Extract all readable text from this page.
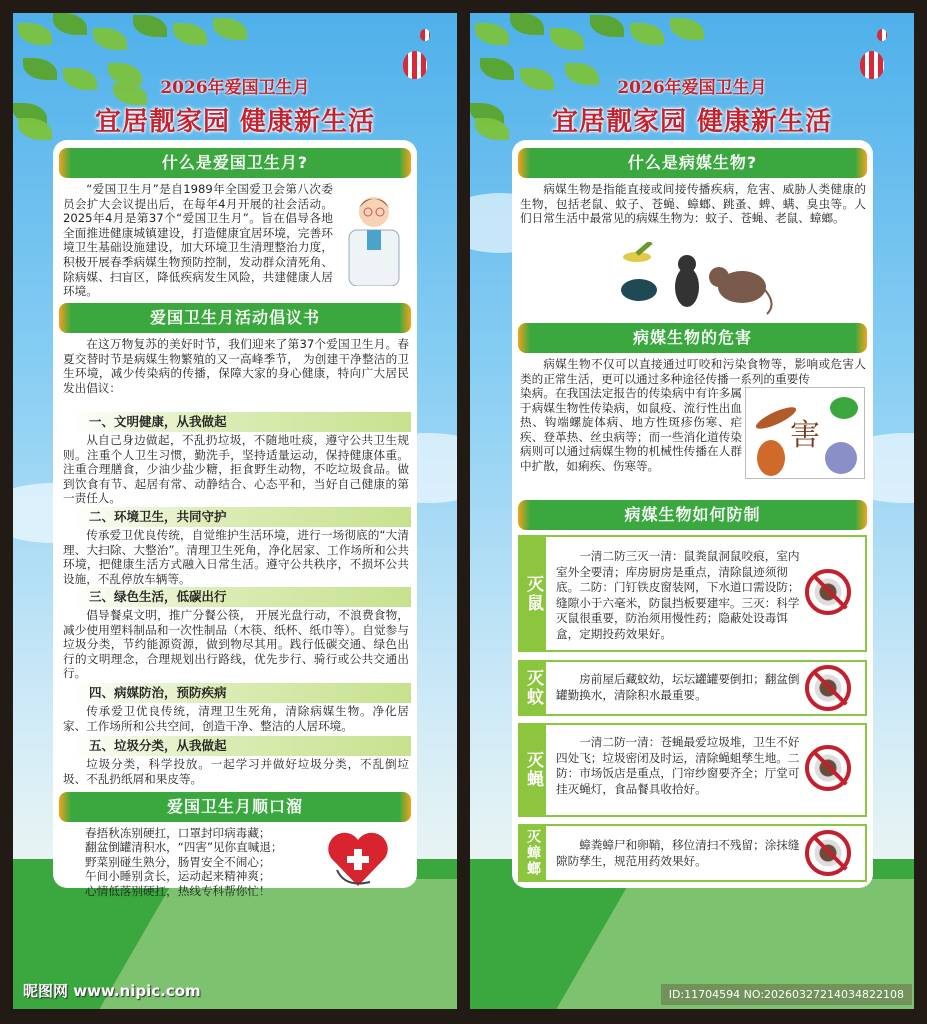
2026年爱国卫生月
宜居靓家园 健康新生活
什么是爱国卫生月?
“爱国卫生月”是自1989年全国爱卫会第八次委员会扩大会议提出后，在每年4月开展的社会活动。2025年4月是第37个“爱国卫生月”。旨在倡导各地全面推进健康城镇建设，打造健康宜居环境，完善环境卫生基础设施建设，加大环境卫生清理整治力度，积极开展春季病媒生物预防控制，发动群众清死角、除病媒、扫盲区，降低疾病发生风险，共建健康人居环境。
爱国卫生月活动倡议书
在这万物复苏的美好时节，我们迎来了第37个爱国卫生月。春夏交替时节是病媒生物繁殖的又一高峰季节， 为创建干净整洁的卫生环境，减少传染病的传播，保障大家的身心健康，特向广大居民发出倡议：
一、文明健康，从我做起
从自己身边做起，不乱扔垃圾，不随地吐痰，遵守公共卫生规则。注重个人卫生习惯，勤洗手，坚持适量运动，保持健康体重。注重合理膳食，少油少盐少糖，拒食野生动物，不吃垃圾食品。做到饮食有节、起居有常、动静结合、心态平和，当好自己健康的第一责任人。
二、环境卫生，共同守护
传承爱卫优良传统，自觉维护生活环境，进行一场彻底的“大清理、大扫除、大整治”。清理卫生死角，净化居家、工作场所和公共环境，把健康生活方式融入日常生活。遵守公共秩序，不损坏公共设施，不乱停放车辆等。
三、绿色生活，低碳出行
倡导餐桌文明，推广分餐公筷， 开展光盘行动，不浪费食物，减少使用塑料制品和一次性制品（木筷、纸杯、纸巾等）。自觉参与垃圾分类，节约能源资源，做到物尽其用。践行低碳交通、绿色出行的文明理念，合理规划出行路线，优先步行、骑行或公共交通出行。
四、病媒防治，预防疾病
传承爱卫优良传统，清理卫生死角，清除病媒生物。净化居家、工作场所和公共空间，创造干净、整洁的人居环境。
五、垃圾分类，从我做起
垃圾分类，科学投放。一起学习并做好垃圾分类，不乱倒垃圾、不乱扔纸屑和果皮等。
爱国卫生月顺口溜
春捂秋冻别硬扛，口罩封印病毒藏；
翻盆倒罐清积水，“四害”见你直喊退；
野菜别碰生熟分，肠胃安全不闹心；
午间小睡别贪长，运动起来精神爽；
心情低落别硬扛，热线专科帮你忙！
昵图网 www.nipic.com
2026年爱国卫生月
宜居靓家园 健康新生活
什么是病媒生物?
病媒生物是指能直接或间接传播疾病，危害、威胁人类健康的生物，包括老鼠、蚊子、苍蝇、蟑螂、跳蚤、蜱、螨、臭虫等。人们日常生活中最常见的病媒生物为：蚊子、苍蝇、老鼠、蟑螂。
病媒生物的危害
病媒生物不仅可以直接通过叮咬和污染食物等，影响或危害人类的正常生活，更可以通过多种途径传播一系列的重要传
染病。在我国法定报告的传染病中有许多属于病媒生物性传染病，如鼠疫、流行性出血热、钩端螺旋体病、地方性斑疹伤寒、疟疾、登革热、丝虫病等；而一些消化道传染病则可以通过病媒生物的机械性传播在人群中扩散，如痢疾、伤寒等。
害
病媒生物如何防制
灭鼠
一清二防三灭一清：鼠粪鼠洞鼠咬痕，室内室外全要清；库房厨房是重点，清除鼠迹须彻底。二防：门钉铁皮窗装网，下水道口需设防；缝隙小于六毫米，防鼠挡板要建牢。三灭：科学灭鼠很重要，防治须用慢性药；隐蔽处设毒饵盒，定期投药效果好。
灭蚊	房前屋后藏蚊幼，坛坛罐罐要倒扣；翻盆倒罐勤换水，清除积水最重要。
灭蝇
一清二防一清：苍蝇最爱垃圾堆，卫生不好四处飞；垃圾密闭及时运，清除蝇蛆孳生地。二防：市场饭店是重点，门帘纱窗要齐全；厅堂可挂灭蝇灯，食品餐具收拾好。
灭蟑螂	蟑粪蟑尸和卵鞘，移位清扫不残留；涂抹缝隙防孳生，规范用药效果好。
ID:11704594 NO:20260327214034822108
